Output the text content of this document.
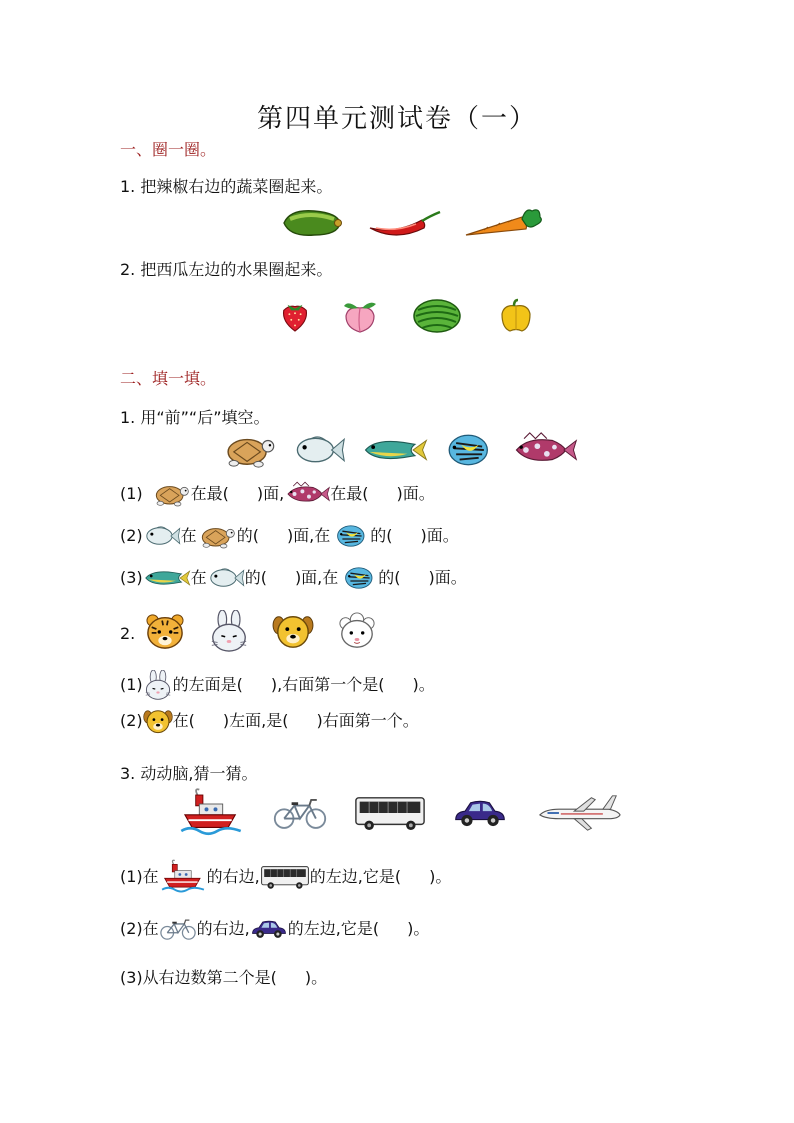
第四单元测试卷（一）
一、圈一圈。
1. 把辣椒右边的蔬菜圈起来。
2. 把西瓜左边的水果圈起来。
二、填一填。
1. 用“前”“后”填空。
(1)	在最( )面,	在最( )面。
(2) 在	的( )面,在	的( )面。
(3)	在 的( )面,在	的( )面。
2.
(1) 的左面是( ),右面第一个是( )。
(2) 在( )左面,是( )右面第一个。
3. 动动脑,猜一猜。
(1)在	的右边,	的左边,它是( )。
(2)在 的右边, 的左边,它是( )。
(3)从右边数第二个是( )。
